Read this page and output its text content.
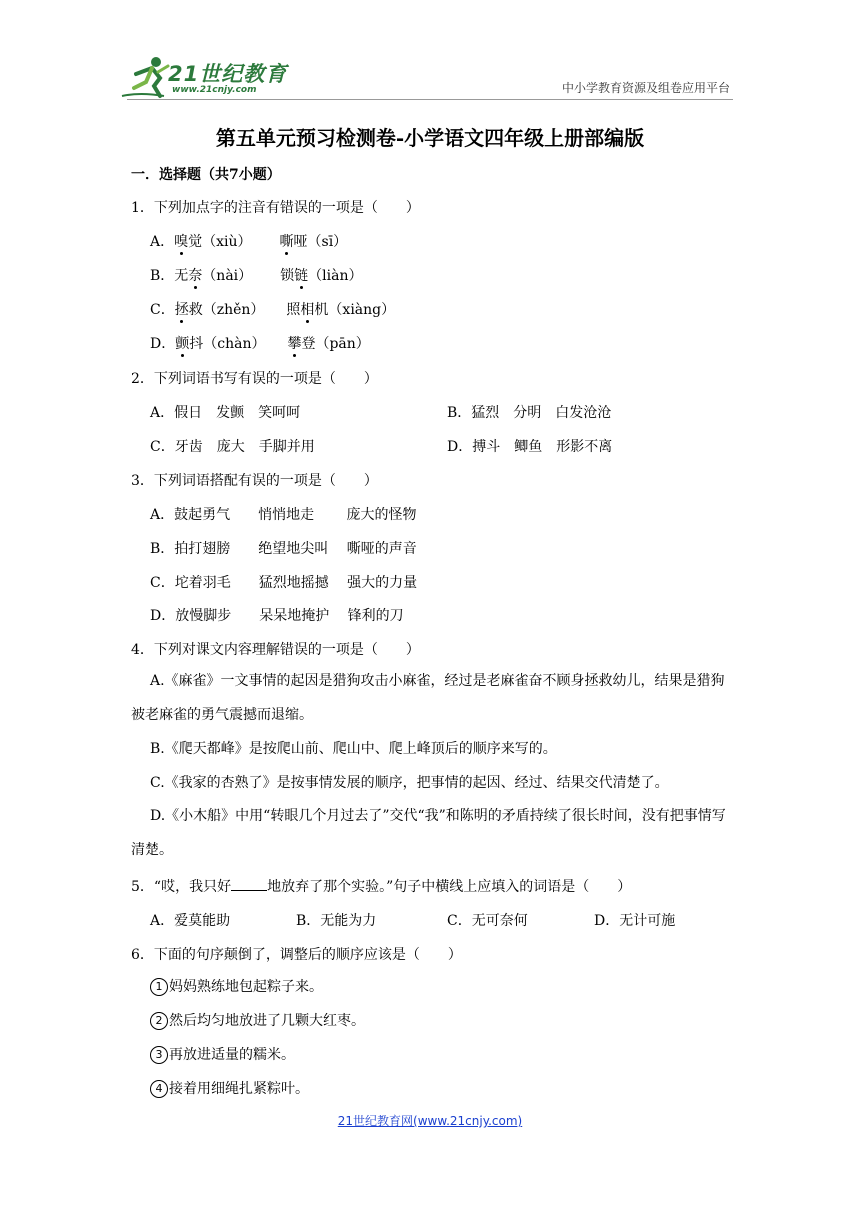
21世纪教育
www.21cnjy.com	中小学教育资源及组卷应用平台
第五单元预习检测卷-小学语文四年级上册部编版
一．选择题（共7小题）
1．下列加点字的注音有错误的一项是（　　）
A．嗅觉（xiù） 嘶哑（sī）
B．无奈（nài） 锁链（liàn）
C．拯救（zhěn） 照相机（xiàng）
D．颤抖（chàn） 攀登（pān）
2．下列词语书写有误的一项是（　　）
A．假日　发颤　笑呵呵	B．猛烈　分明　白发沧沧
C．牙齿　庞大　手脚并用	D．搏斗　鲫鱼　形影不离
3．下列词语搭配有误的一项是（　　）
A．鼓起勇气　　悄悄地走　　 庞大的怪物
B．拍打翅膀　　绝望地尖叫　 嘶哑的声音
C．坨着羽毛　　猛烈地摇撼　 强大的力量
D．放慢脚步　　呆呆地掩护　 锋利的刀
4．下列对课文内容理解错误的一项是（　　）
A.《麻雀》一文事情的起因是猎狗攻击小麻雀，经过是老麻雀奋不顾身拯救幼儿，结果是猎狗被老麻雀的勇气震撼而退缩。
B.《爬天都峰》是按爬山前、爬山中、爬上峰顶后的顺序来写的。
C.《我家的杏熟了》是按事情发展的顺序，把事情的起因、经过、结果交代清楚了。
D.《小木船》中用“转眼几个月过去了”交代“我”和陈明的矛盾持续了很长时间，没有把事情写清楚。
5．“哎，我只好	地放弃了那个实验。”句子中横线上应填入的词语是（　　）
A．爱莫能助	B．无能为力	C．无可奈何	D．无计可施
6．下面的句序颠倒了，调整后的顺序应该是（　　）
1 妈妈熟练地包起粽子来。
2 然后均匀地放进了几颗大红枣。
3 再放进适量的糯米。
4 接着用细绳扎紧粽叶。
21世纪教育网(www.21cnjy.com)
